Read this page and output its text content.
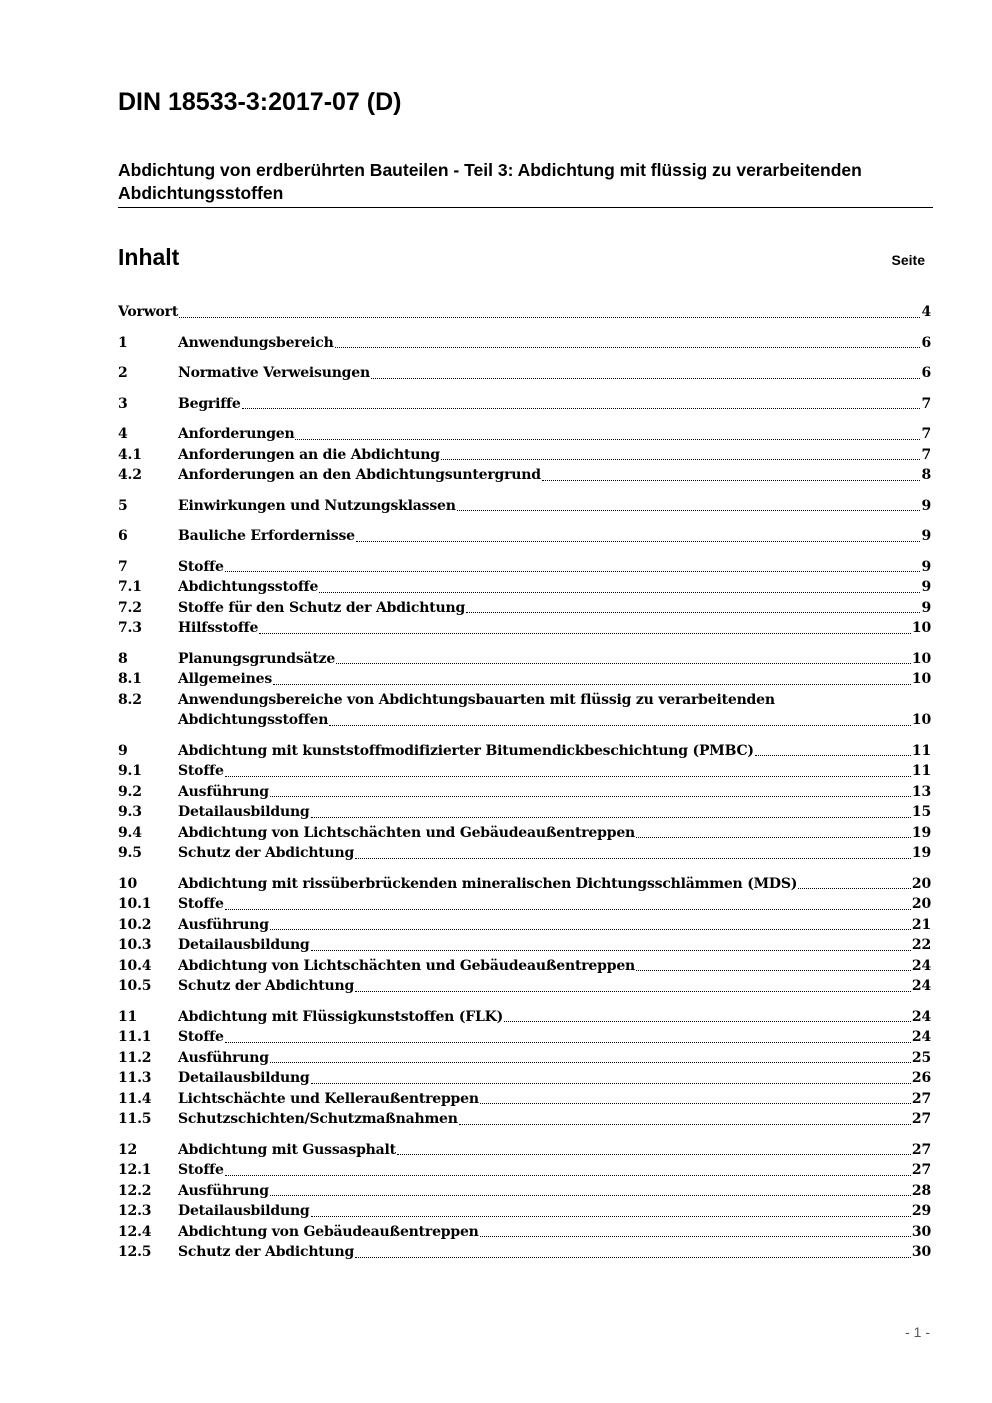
DIN 18533-3:2017-07 (D)
Abdichtung von erdberührten Bauteilen - Teil 3: Abdichtung mit flüssig zu verarbeitenden Abdichtungsstoffen
Inhalt	Seite
Vorwort	4
1	Anwendungsbereich	6
2	Normative Verweisungen	6
3	Begriffe	7
4	Anforderungen	7
4.1	Anforderungen an die Abdichtung	7
4.2	Anforderungen an den Abdichtungsuntergrund	8
5	Einwirkungen und Nutzungsklassen	9
6	Bauliche Erfordernisse	9
7	Stoffe	9
7.1	Abdichtungsstoffe	9
7.2	Stoffe für den Schutz der Abdichtung	9
7.3	Hilfsstoffe	10
8	Planungsgrundsätze	10
8.1	Allgemeines	10
8.2	Anwendungsbereiche von Abdichtungsbauarten mit flüssig zu verarbeitenden
Abdichtungsstoffen	10
9	Abdichtung mit kunststoffmodifizierter Bitumendickbeschichtung (PMBC)	11
9.1	Stoffe	11
9.2	Ausführung	13
9.3	Detailausbildung	15
9.4	Abdichtung von Lichtschächten und Gebäudeaußentreppen	19
9.5	Schutz der Abdichtung	19
10	Abdichtung mit rissüberbrückenden mineralischen Dichtungsschlämmen (MDS)	20
10.1	Stoffe	20
10.2	Ausführung	21
10.3	Detailausbildung	22
10.4	Abdichtung von Lichtschächten und Gebäudeaußentreppen	24
10.5	Schutz der Abdichtung	24
11	Abdichtung mit Flüssigkunststoffen (FLK)	24
11.1	Stoffe	24
11.2	Ausführung	25
11.3	Detailausbildung	26
11.4	Lichtschächte und Kelleraußentreppen	27
11.5	Schutzschichten/Schutzmaßnahmen	27
12	Abdichtung mit Gussasphalt	27
12.1	Stoffe	27
12.2	Ausführung	28
12.3	Detailausbildung	29
12.4	Abdichtung von Gebäudeaußentreppen	30
12.5	Schutz der Abdichtung	30
- 1 -
